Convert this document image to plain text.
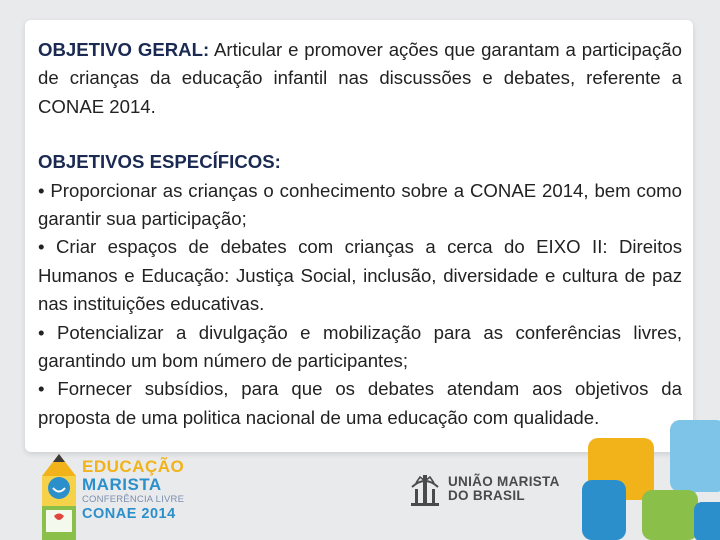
OBJETIVO GERAL: Articular e promover ações que garantam a participação de crianças da educação infantil nas discussões e debates, referente a CONAE 2014.

OBJETIVOS ESPECÍFICOS:

• Proporcionar as crianças o conhecimento sobre a CONAE 2014, bem como garantir sua participação;

• Criar espaços de debates com crianças a cerca do EIXO II: Direitos Humanos e Educação: Justiça Social, inclusão, diversidade e cultura de paz nas instituições educativas.

• Potencializar a divulgação e mobilização para as conferências livres, garantindo um bom número de participantes;

• Fornecer subsídios, para que os debates atendam aos objetivos da proposta de uma politica nacional de uma educação com qualidade.

EDUCAÇÃO
MARISTA
CONFERÊNCIA LIVRE
CONAE 2014
UNIÃO MARISTA
DO BRASIL
